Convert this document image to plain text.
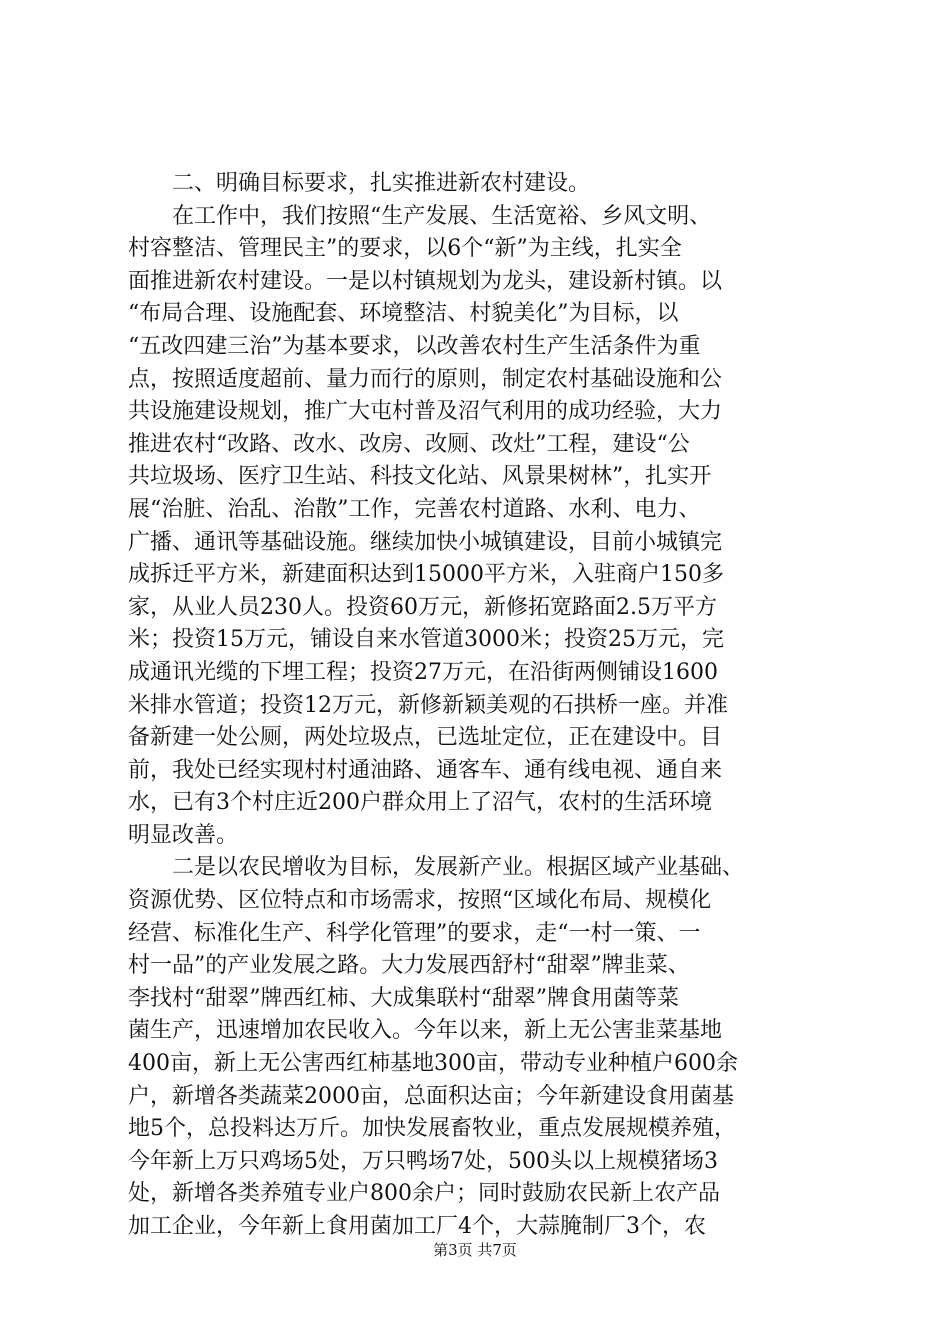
　　二、明确目标要求，扎实推进新农村建设。
　　在工作中，我们按照“生产发展、生活宽裕、乡风文明、
村容整洁、管理民主”的要求，以6个“新”为主线，扎实全
面推进新农村建设。一是以村镇规划为龙头，建设新村镇。以
“布局合理、设施配套、环境整洁、村貌美化”为目标，以
“五改四建三治”为基本要求，以改善农村生产生活条件为重
点，按照适度超前、量力而行的原则，制定农村基础设施和公
共设施建设规划，推广大屯村普及沼气利用的成功经验，大力
推进农村“改路、改水、改房、改厕、改灶”工程，建设“公
共垃圾场、医疗卫生站、科技文化站、风景果树林”，扎实开
展“治脏、治乱、治散”工作，完善农村道路、水利、电力、
广播、通讯等基础设施。继续加快小城镇建设，目前小城镇完
成拆迁平方米，新建面积达到15000平方米，入驻商户150多
家，从业人员230人。投资60万元，新修拓宽路面2.5万平方
米；投资15万元，铺设自来水管道3000米；投资25万元，完
成通讯光缆的下埋工程；投资27万元，在沿街两侧铺设1600
米排水管道；投资12万元，新修新颖美观的石拱桥一座。并准
备新建一处公厕，两处垃圾点，已选址定位，正在建设中。目
前，我处已经实现村村通油路、通客车、通有线电视、通自来
水，已有3个村庄近200户群众用上了沼气，农村的生活环境
明显改善。
　　二是以农民增收为目标，发展新产业。根据区域产业基础、
资源优势、区位特点和市场需求，按照“区域化布局、规模化
经营、标准化生产、科学化管理”的要求，走“一村一策、一
村一品”的产业发展之路。大力发展西舒村“甜翠”牌韭菜、
李找村“甜翠”牌西红柿、大成集联村“甜翠”牌食用菌等菜
菌生产，迅速增加农民收入。今年以来，新上无公害韭菜基地
400亩，新上无公害西红柿基地300亩，带动专业种植户600余
户，新增各类蔬菜2000亩，总面积达亩；今年新建设食用菌基
地5个，总投料达万斤。加快发展畜牧业，重点发展规模养殖，
今年新上万只鸡场5处，万只鸭场7处，500头以上规模猪场3
处，新增各类养殖专业户800余户；同时鼓励农民新上农产品
加工企业，今年新上食用菌加工厂4个，大蒜腌制厂3个，农
第3页 共7页
